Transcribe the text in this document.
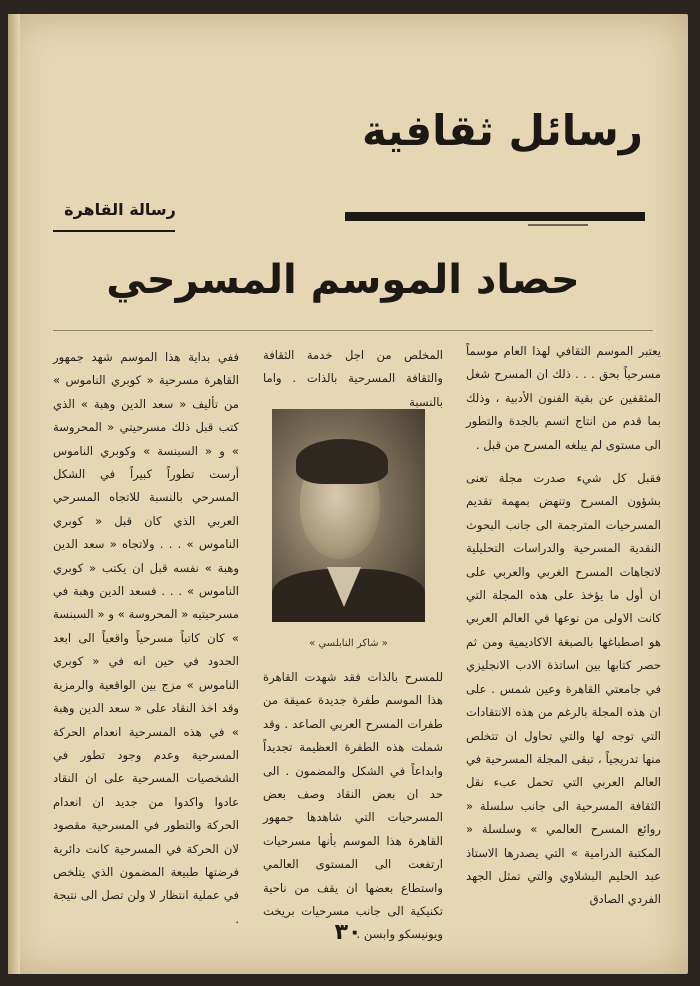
رسائل ثقافية
رسالة القاهرة
حصاد الموسم المسرحي

يعتبر الموسم الثقافي لهذا العام موسماً مسرحياً بحق . . . ذلك ان المسرح شغل المثقفين عن بقية الفنون الأدبية ، وذلك بما قدم من انتاج اتسم بالجدة والتطور الى مستوى لم يبلغه المسرح من قبل .

فقبل كل شيء صدرت مجلة تعنى بشؤون المسرح وتنهض بمهمة تقديم المسرحيات المترجمة الى جانب البحوث النقدية المسرحية والدراسات التحليلية لاتجاهات المسرح الغربي والعربي على ان أول ما يؤخذ على هذه المجلة التي كانت الاولى من نوعها في العالم العربي هو اصطباغها بالصبغة الاكاديمية ومن ثم حصر كتابها بين اساتذة الادب الانجليزي في جامعتي القاهرة وعين شمس . على ان هذه المجلة بالرغم من هذه الانتقادات التي توجه لها والتي تحاول ان تتخلص منها تدريجياً ، تبقى المجلة المسرحية في العالم العربي التي تحمل عبء نقل الثقافة المسرحية الى جانب سلسلة « روائع المسرح العالمي » وسلسلة « المكتبة الدرامية » التي يصدرها الاستاذ عبد الحليم البشلاوي والتي تمثل الجهد الفردي الصادق

المخلص من اجل خدمة الثقافة والثقافة المسرحية بالذات . واما بالنسبة

« شاكر النابلسي »

للمسرح بالذات فقد شهدت القاهرة هذا الموسم طفرة جديدة عميقة من طفرات المسرح العربي الصاعد . وقد شملت هذه الطفرة العظيمة تجديداً وابداعاً في الشكل والمضمون . الى حد ان بعض النقاد وصف بعض المسرحيات التي شاهدها جمهور القاهرة هذا الموسم بأنها مسرحيات ارتفعت الى المستوى العالمي واستطاع بعضها ان يقف من ناحية تكنيكية الى جانب مسرحيات بريخت ويونيسكو وابسن .

ففي بداية هذا الموسم شهد جمهور القاهرة مسرحية « كوبري الناموس » من تأليف « سعد الدين وهبة » الذي كتب قبل ذلك مسرحيتي « المحروسة » و « السبنسة » وكوبري الناموس أرست تطوراً كبيراً في الشكل المسرحي بالنسبة للاتجاه المسرحي العربي الذي كان قبل « كوبري الناموس » . . . ولاتجاه « سعد الدين وهبة » نفسه قبل ان يكتب « كوبري الناموس » . . . فسعد الدين وهبة في مسرحيتيه « المحروسة » و « السبنسة » كان كاتباً مسرحياً واقعياً الى ابعد الحدود في حين انه في « كوبري الناموس » مزج بين الواقعية والرمزية وقد اخذ النقاد على « سعد الدين وهبة » في هذه المسرحية انعدام الحركة المسرحية وعدم وجود تطور في الشخصيات المسرحية على ان النقاد عادوا واكدوا من جديد ان انعدام الحركة والتطور في المسرحية مقصود لان الحركة في المسرحية كانت دائرية فرضتها طبيعة المضمون الذي يتلخص في عملية انتظار لا ولن تصل الى نتيجة .

٣٠
